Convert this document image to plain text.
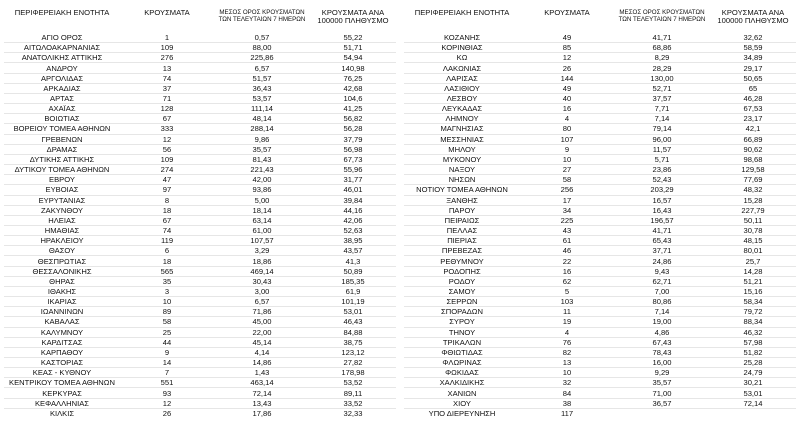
ΠΕΡΙΦΕΡΕΙΑΚΗ ΕΝΟΤΗΤΑ	ΚΡΟΥΣΜΑΤΑ	ΜΕΣΟΣ ΟΡΟΣ ΚΡΟΥΣΜΑΤΩΝ ΤΩΝ ΤΕΛΕΥΤΑΙΩΝ 7 ΗΜΕΡΩΝ	ΚΡΟΥΣΜΑΤΑ ΑΝΑ 100000 ΠΛΗΘΥΣΜΟ

ΑΓΙΟ ΟΡΟΣ	1	0,57	55,22
ΑΙΤΩΛΟΑΚΑΡΝΑΝΙΑΣ	109	88,00	51,71
ΑΝΑΤΟΛΙΚΗΣ ΑΤΤΙΚΗΣ	276	225,86	54,94
ΑΝΔΡΟΥ	13	6,57	140,98
ΑΡΓΟΛΙΔΑΣ	74	51,57	76,25
ΑΡΚΑΔΙΑΣ	37	36,43	42,68
ΑΡΤΑΣ	71	53,57	104,6
ΑΧΑΪΑΣ	128	111,14	41,25
ΒΟΙΩΤΙΑΣ	67	48,14	56,82
ΒΟΡΕΙΟΥ ΤΟΜΕΑ ΑΘΗΝΩΝ	333	288,14	56,28
ΓΡΕΒΕΝΩΝ	12	9,86	37,79
ΔΡΑΜΑΣ	56	35,57	56,98
ΔΥΤΙΚΗΣ ΑΤΤΙΚΗΣ	109	81,43	67,73
ΔΥΤΙΚΟΥ ΤΟΜΕΑ ΑΘΗΝΩΝ	274	221,43	55,96
ΕΒΡΟΥ	47	42,00	31,77
ΕΥΒΟΙΑΣ	97	93,86	46,01
ΕΥΡΥΤΑΝΙΑΣ	8	5,00	39,84
ΖΑΚΥΝΘΟΥ	18	18,14	44,16
ΗΛΕΙΑΣ	67	63,14	42,06
ΗΜΑΘΙΑΣ	74	61,00	52,63
ΗΡΑΚΛΕΙΟΥ	119	107,57	38,95
ΘΑΣΟΥ	6	3,29	43,57
ΘΕΣΠΡΩΤΙΑΣ	18	18,86	41,3
ΘΕΣΣΑΛΟΝΙΚΗΣ	565	469,14	50,89
ΘΗΡΑΣ	35	30,43	185,35
ΙΘΑΚΗΣ	3	3,00	61,9
ΙΚΑΡΙΑΣ	10	6,57	101,19
ΙΩΑΝΝΙΝΩΝ	89	71,86	53,01
ΚΑΒΑΛΑΣ	58	45,00	46,43
ΚΑΛΥΜΝΟΥ	25	22,00	84,88
ΚΑΡΔΙΤΣΑΣ	44	45,14	38,75
ΚΑΡΠΑΘΟΥ	9	4,14	123,12
ΚΑΣΤΟΡΙΑΣ	14	14,86	27,82
ΚΕΑΣ - ΚΥΘΝΟΥ	7	1,43	178,98
ΚΕΝΤΡΙΚΟΥ ΤΟΜΕΑ ΑΘΗΝΩΝ	551	463,14	53,52
ΚΕΡΚΥΡΑΣ	93	72,14	89,11
ΚΕΦΑΛΛΗΝΙΑΣ	12	13,43	33,52
ΚΙΛΚΙΣ	26	17,86	32,33
ΠΕΡΙΦΕΡΕΙΑΚΗ ΕΝΟΤΗΤΑ	ΚΡΟΥΣΜΑΤΑ	ΜΕΣΟΣ ΟΡΟΣ ΚΡΟΥΣΜΑΤΩΝ ΤΩΝ ΤΕΛΕΥΤΑΙΩΝ 7 ΗΜΕΡΩΝ	ΚΡΟΥΣΜΑΤΑ ΑΝΑ 100000 ΠΛΗΘΥΣΜΟ

ΚΟΖΑΝΗΣ	49	41,71	32,62
ΚΟΡΙΝΘΙΑΣ	85	68,86	58,59
ΚΩ	12	8,29	34,89
ΛΑΚΩΝΙΑΣ	26	28,29	29,17
ΛΑΡΙΣΑΣ	144	130,00	50,65
ΛΑΣΙΘΙΟΥ	49	52,71	65
ΛΕΣΒΟΥ	40	37,57	46,28
ΛΕΥΚΑΔΑΣ	16	7,71	67,53
ΛΗΜΝΟΥ	4	7,14	23,17
ΜΑΓΝΗΣΙΑΣ	80	79,14	42,1
ΜΕΣΣΗΝΙΑΣ	107	96,00	66,89
ΜΗΛΟΥ	9	11,57	90,62
ΜΥΚΟΝΟΥ	10	5,71	98,68
ΝΑΞΟΥ	27	23,86	129,58
ΝΗΣΩΝ	58	52,43	77,69
ΝΟΤΙΟΥ ΤΟΜΕΑ ΑΘΗΝΩΝ	256	203,29	48,32
ΞΑΝΘΗΣ	17	16,57	15,28
ΠΑΡΟΥ	34	16,43	227,79
ΠΕΙΡΑΙΩΣ	225	196,57	50,11
ΠΕΛΛΑΣ	43	41,71	30,78
ΠΙΕΡΙΑΣ	61	65,43	48,15
ΠΡΕΒΕΖΑΣ	46	37,71	80,01
ΡΕΘΥΜΝΟΥ	22	24,86	25,7
ΡΟΔΟΠΗΣ	16	9,43	14,28
ΡΟΔΟΥ	62	62,71	51,21
ΣΑΜΟΥ	5	7,00	15,16
ΣΕΡΡΩΝ	103	80,86	58,34
ΣΠΟΡΑΔΩΝ	11	7,14	79,72
ΣΥΡΟΥ	19	19,00	88,34
ΤΗΝΟΥ	4	4,86	46,32
ΤΡΙΚΑΛΩΝ	76	67,43	57,98
ΦΘΙΩΤΙΔΑΣ	82	78,43	51,82
ΦΛΩΡΙΝΑΣ	13	16,00	25,28
ΦΩΚΙΔΑΣ	10	9,29	24,79
ΧΑΛΚΙΔΙΚΗΣ	32	35,57	30,21
ΧΑΝΙΩΝ	84	71,00	53,01
ΧΙΟΥ	38	36,57	72,14
ΥΠΟ ΔΙΕΡΕΥΝΗΣΗ	117		
